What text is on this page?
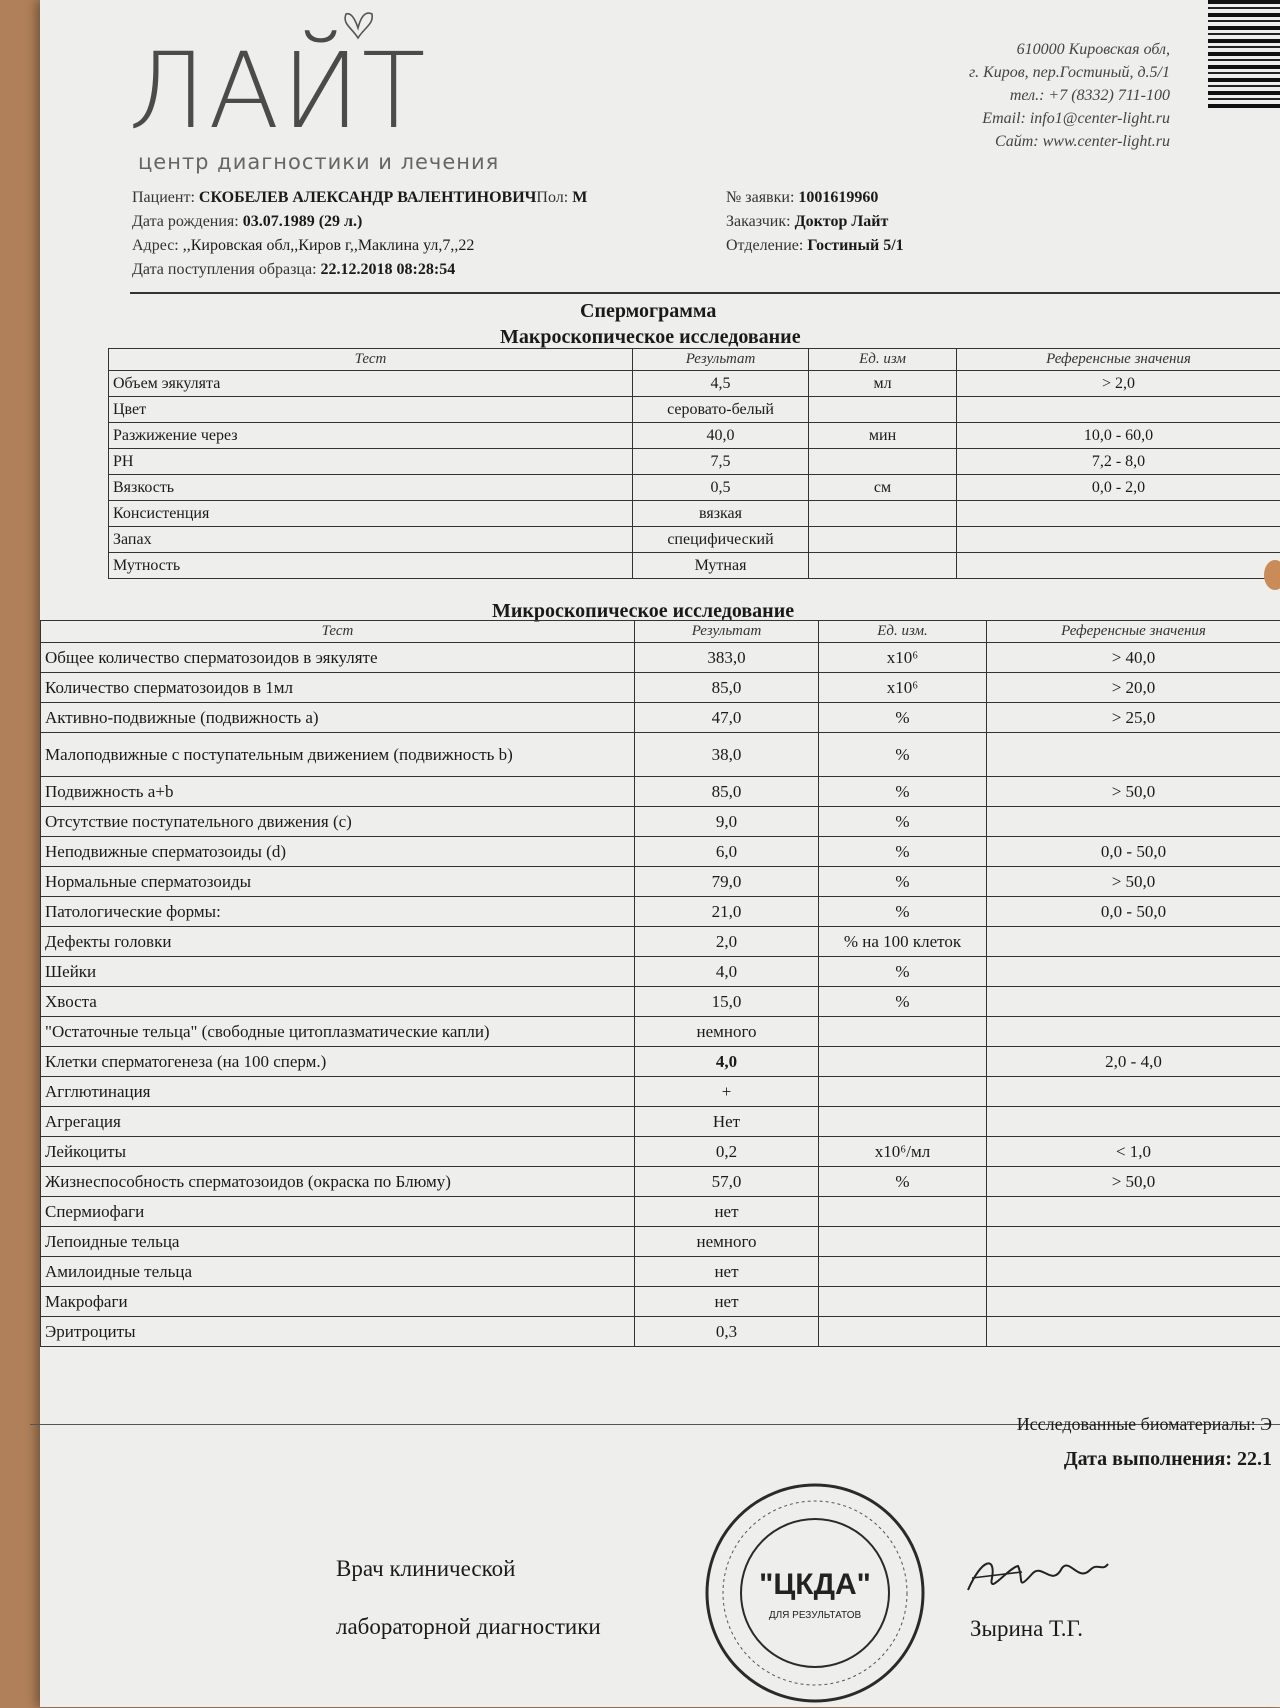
ЛАЙТ
центр диагностики и лечения
610000 Кировская обл,
г. Киров, пер.Гостиный, д.5/1
тел.: +7 (8332) 711-100
Email: info1@center-light.ru
Сайт: www.center-light.ru
Пациент: СКОБЕЛЕВ АЛЕКСАНДР ВАЛЕНТИНОВИЧПол: М
Дата рождения: 03.07.1989 (29 л.)
Адрес: ,,Кировская обл,,Киров г,,Маклина ул,7,,22
Дата поступления образца: 22.12.2018 08:28:54
№ заявки: 1001619960
Заказчик: Доктор Лайт
Отделение: Гостиный 5/1
Спермограмма
Макроскопическое исследование
Тест	Результат	Ед. изм	Референсные значения
Объем эякулята	4,5	мл	> 2,0
Цвет	серовато-белый		
Разжижение через	40,0	мин	10,0 - 60,0
PH	7,5		7,2 - 8,0
Вязкость	0,5	см	0,0 - 2,0
Консистенция	вязкая		
Запах	специфический		
Мутность	Мутная		
Микроскопическое исследование
Тест	Результат	Ед. изм.	Референсные значения
Общее количество сперматозоидов в эякуляте	383,0	x10⁶	> 40,0
Количество сперматозоидов в 1мл	85,0	x10⁶	> 20,0
Активно-подвижные (подвижность а)	47,0	%	> 25,0
Малоподвижные с поступательным движением (подвижность b)	38,0	%	
Подвижность а+b	85,0	%	> 50,0
Отсутствие поступательного движения (с)	9,0	%	
Неподвижные сперматозоиды (d)	6,0	%	0,0 - 50,0
Нормальные сперматозоиды	79,0	%	> 50,0
Патологические формы:	21,0	%	0,0 - 50,0
Дефекты головки	2,0	% на 100 клеток	
Шейки	4,0	%	
Хвоста	15,0	%	
"Остаточные тельца" (свободные цитоплазматические капли)	немного		
Клетки сперматогенеза (на 100 сперм.)	4,0		2,0 - 4,0
Агглютинация	+		
Агрегация	Нет		
Лейкоциты	0,2	x10⁶/мл	< 1,0
Жизнеспособность сперматозоидов (окраска по Блюму)	57,0	%	> 50,0
Спермиофаги	нет		
Лепоидные тельца	немного		
Амилоидные тельца	нет		
Макрофаги	нет		
Эритроциты	0,3		
Исследованные биоматериалы: Э
Дата выполнения: 22.1
Врач клинической
лабораторной диагностики
"ЦКДА"
ДЛЯ РЕЗУЛЬТАТОВ
Зырина Т.Г.
